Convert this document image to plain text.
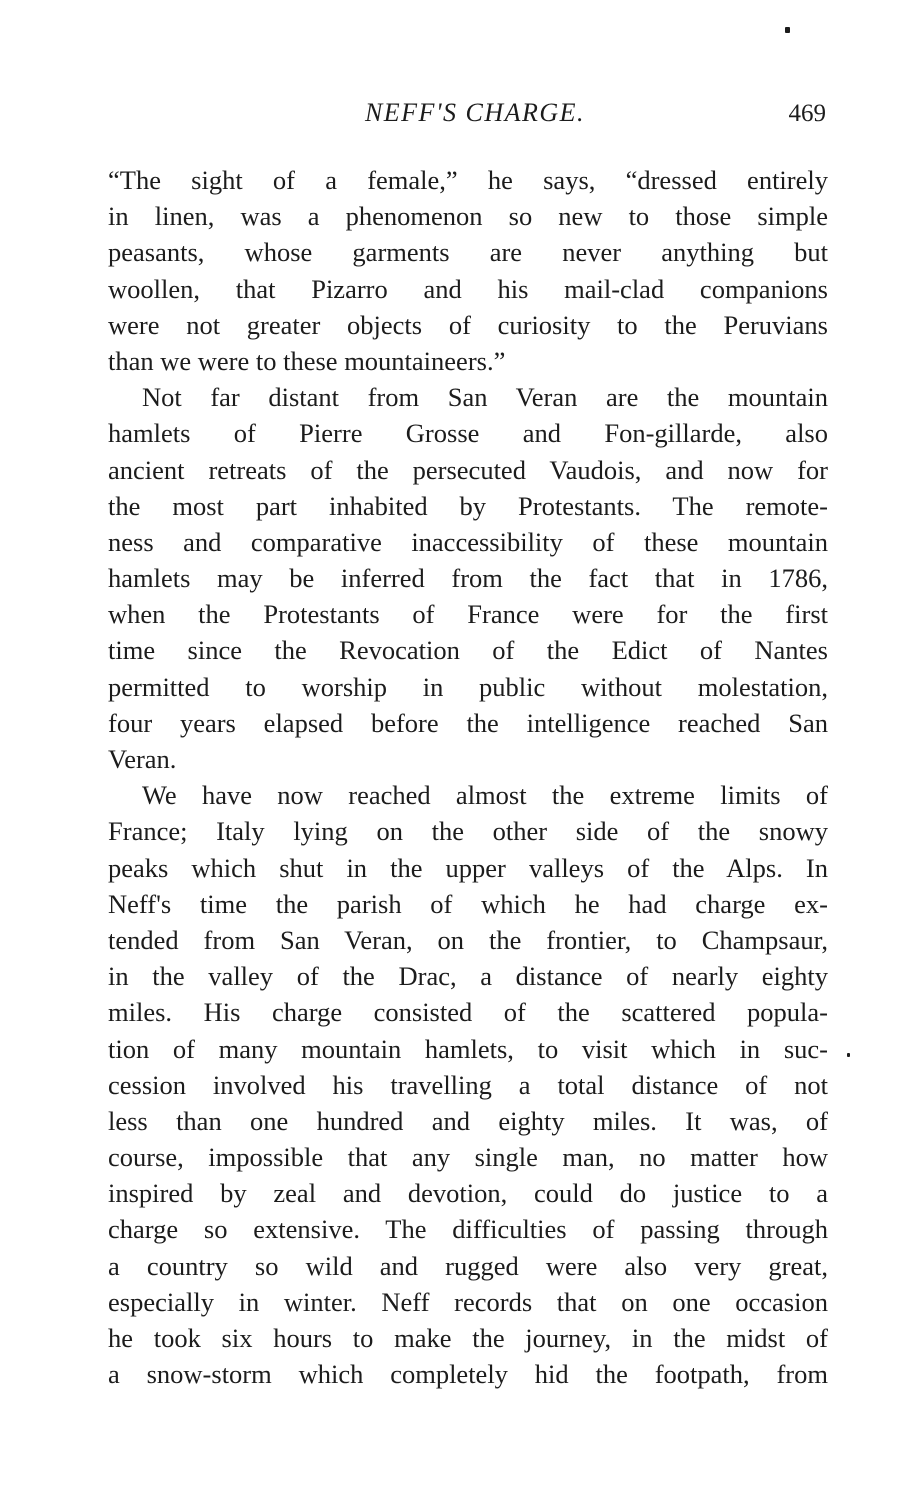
NEFF'S CHARGE.	469
“The sight of a female,” he says, “dressed entirely
in linen, was a phenomenon so new to those simple
peasants, whose garments are never anything but
woollen, that Pizarro and his mail-clad companions
were not greater objects of curiosity to the Peruvians
than we were to these mountaineers.”
Not far distant from San Veran are the mountain
hamlets of Pierre Grosse and Fon-gillarde, also
ancient retreats of the persecuted Vaudois, and now for
the most part inhabited by Protestants. The remote-
ness and comparative inaccessibility of these mountain
hamlets may be inferred from the fact that in 1786,
when the Protestants of France were for the first
time since the Revocation of the Edict of Nantes
permitted to worship in public without molestation,
four years elapsed before the intelligence reached San
Veran.
We have now reached almost the extreme limits of
France; Italy lying on the other side of the snowy
peaks which shut in the upper valleys of the Alps. In
Neff's time the parish of which he had charge ex-
tended from San Veran, on the frontier, to Champsaur,
in the valley of the Drac, a distance of nearly eighty
miles. His charge consisted of the scattered popula-
tion of many mountain hamlets, to visit which in suc-
cession involved his travelling a total distance of not
less than one hundred and eighty miles. It was, of
course, impossible that any single man, no matter how
inspired by zeal and devotion, could do justice to a
charge so extensive. The difficulties of passing through
a country so wild and rugged were also very great,
especially in winter. Neff records that on one occasion
he took six hours to make the journey, in the midst of
a snow-storm which completely hid the footpath, from
